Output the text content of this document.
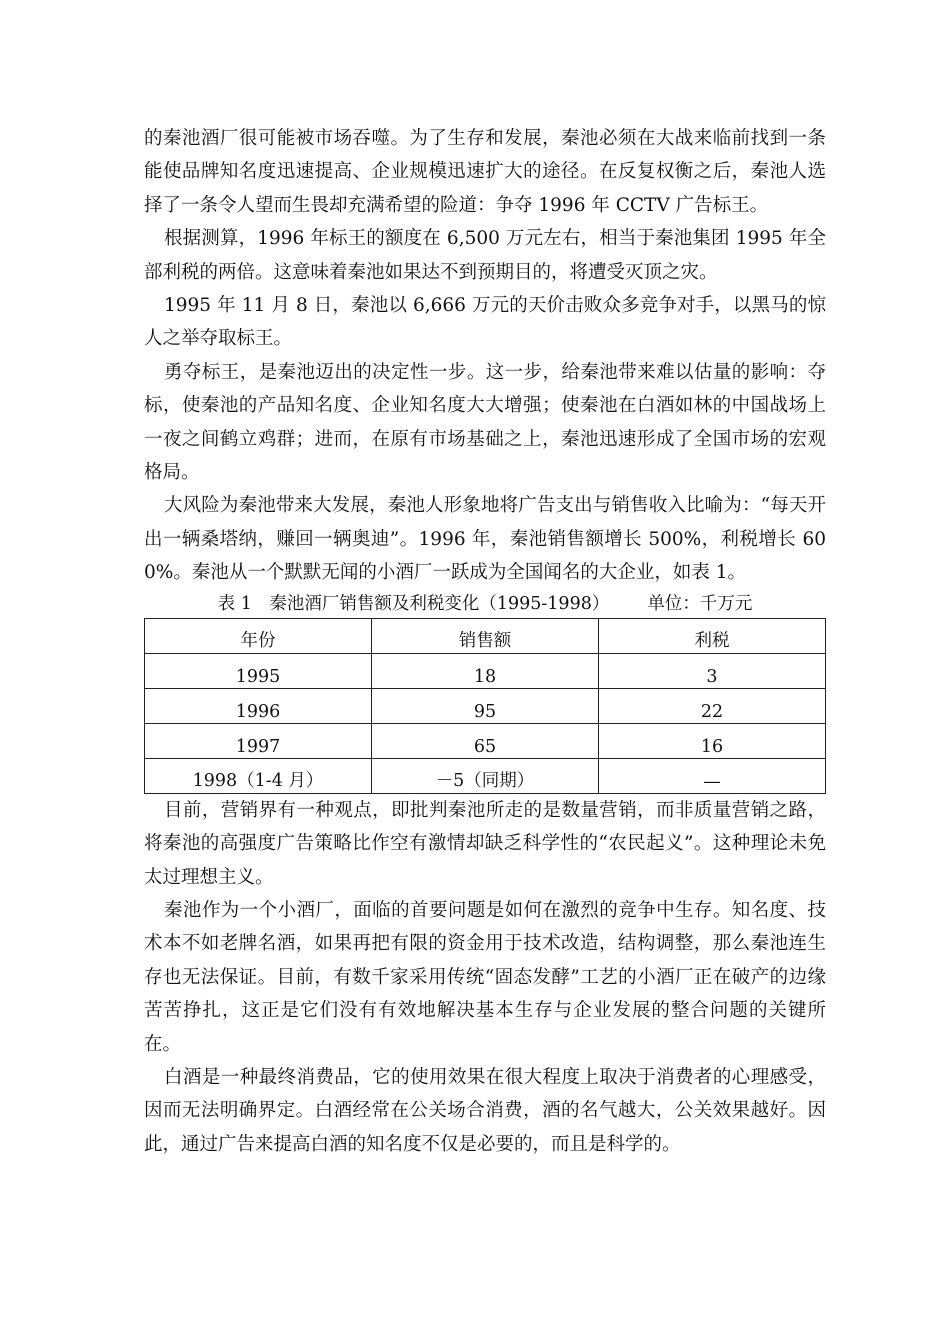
的秦池酒厂很可能被市场吞噬。为了生存和发展，秦池必须在大战来临前找到一条能使品牌知名度迅速提高、企业规模迅速扩大的途径。在反复权衡之后，秦池人选择了一条令人望而生畏却充满希望的险道：争夺 1996 年 CCTV 广告标王。

根据测算，1996 年标王的额度在 6,500 万元左右，相当于秦池集团 1995 年全部利税的两倍。这意味着秦池如果达不到预期目的，将遭受灭顶之灾。

1995 年 11 月 8 日，秦池以 6,666 万元的天价击败众多竞争对手，以黑马的惊人之举夺取标王。

勇夺标王，是秦池迈出的决定性一步。这一步，给秦池带来难以估量的影响：夺标，使秦池的产品知名度、企业知名度大大增强；使秦池在白酒如林的中国战场上一夜之间鹤立鸡群；进而，在原有市场基础之上，秦池迅速形成了全国市场的宏观格局。

大风险为秦池带来大发展，秦池人形象地将广告支出与销售收入比喻为：“每天开出一辆桑塔纳，赚回一辆奥迪”。1996 年，秦池销售额增长 500%，利税增长 600%。秦池从一个默默无闻的小酒厂一跃成为全国闻名的大企业，如表 1。

表 1　秦池酒厂销售额及利税变化（1995-1998） 单位：千万元
年份	销售额	利税
1995	18	3
1996	95	22
1997	65	16
1998（1-4 月）	－5（同期）	—

目前，营销界有一种观点，即批判秦池所走的是数量营销，而非质量营销之路，将秦池的高强度广告策略比作空有激情却缺乏科学性的“农民起义”。这种理论未免太过理想主义。

秦池作为一个小酒厂，面临的首要问题是如何在激烈的竞争中生存。知名度、技术本不如老牌名酒，如果再把有限的资金用于技术改造，结构调整，那么秦池连生存也无法保证。目前，有数千家采用传统“固态发酵”工艺的小酒厂正在破产的边缘苦苦挣扎，这正是它们没有有效地解决基本生存与企业发展的整合问题的关键所在。

白酒是一种最终消费品，它的使用效果在很大程度上取决于消费者的心理感受，因而无法明确界定。白酒经常在公关场合消费，酒的名气越大，公关效果越好。因此，通过广告来提高白酒的知名度不仅是必要的，而且是科学的。
